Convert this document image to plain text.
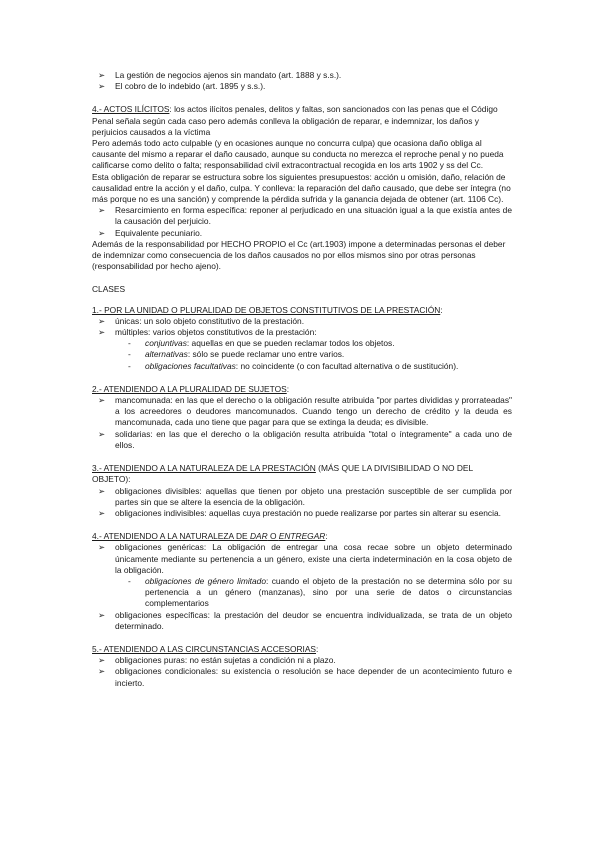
➢ La gestión de negocios ajenos sin mandato (art. 1888 y s.s.).
➢ El cobro de lo indebido (art. 1895 y s.s.).

4.- ACTOS ILÍCITOS: los actos ilícitos penales, delitos y faltas, son sancionados con las penas que el Código Penal señala según cada caso pero además conlleva la obligación de reparar, e indemnizar, los daños y perjuicios causados a la víctima

Pero además todo acto culpable (y en ocasiones aunque no concurra culpa) que ocasiona daño obliga al causante del mismo a reparar el daño causado, aunque su conducta no merezca el reproche penal y no pueda calificarse como delito o falta; responsabilidad civil extracontractual recogida en los arts 1902 y ss del Cc.

Esta obligación de reparar se estructura sobre los siguientes presupuestos: acción u omisión, daño, relación de causalidad entre la acción y el daño, culpa. Y conlleva: la reparación del daño causado, que debe ser íntegra (no más porque no es una sanción) y comprende la pérdida sufrida y la ganancia dejada de obtener (art. 1106 Cc).

➢ Resarcimiento en forma específica: reponer al perjudicado en una situación igual a la que existía antes de la causación del perjuicio.
➢ Equivalente pecuniario.

Además de la responsabilidad por HECHO PROPIO el Cc (art.1903) impone a determinadas personas el deber de indemnizar como consecuencia de los daños causados no por ellos mismos sino por otras personas (responsabilidad por hecho ajeno).

CLASES

1.- POR LA UNIDAD O PLURALIDAD DE OBJETOS CONSTITUTIVOS DE LA PRESTACIÓN:

➢ únicas: un solo objeto constitutivo de la prestación.
➢ múltiples: varios objetos constitutivos de la prestación:
- conjuntivas: aquellas en que se pueden reclamar todos los objetos.
- alternativas: sólo se puede reclamar uno entre varios.
- obligaciones facultativas: no coincidente (o con facultad alternativa o de sustitución).

2.- ATENDIENDO A LA PLURALIDAD DE SUJETOS:

➢ mancomunada: en las que el derecho o la obligación resulte atribuida "por partes divididas y prorrateadas" a los acreedores o deudores mancomunados. Cuando tengo un derecho de crédito y la deuda es mancomunada, cada uno tiene que pagar para que se extinga la deuda; es divisible.
➢ solidarias: en las que el derecho o la obligación resulta atribuida "total o íntegramente" a cada uno de ellos.

3.- ATENDIENDO A LA NATURALEZA DE LA PRESTACIÓN (MÁS QUE LA DIVISIBILIDAD O NO DEL OBJETO):

➢ obligaciones divisibles: aquellas que tienen por objeto una prestación susceptible de ser cumplida por partes sin que se altere la esencia de la obligación.
➢ obligaciones indivisibles: aquellas cuya prestación no puede realizarse por partes sin alterar su esencia.

4.- ATENDIENDO A LA NATURALEZA DE DAR O ENTREGAR:

➢ obligaciones genéricas: La obligación de entregar una cosa recae sobre un objeto determinado únicamente mediante su pertenencia a un género, existe una cierta indeterminación en la cosa objeto de la obligación.
- obligaciones de género limitado: cuando el objeto de la prestación no se determina sólo por su pertenencia a un género (manzanas), sino por una serie de datos o circunstancias complementarios
➢ obligaciones específicas: la prestación del deudor se encuentra individualizada, se trata de un objeto determinado.

5.- ATENDIENDO A LAS CIRCUNSTANCIAS ACCESORIAS:

➢ obligaciones puras: no están sujetas a condición ni a plazo.
➢ obligaciones condicionales: su existencia o resolución se hace depender de un acontecimiento futuro e incierto.
